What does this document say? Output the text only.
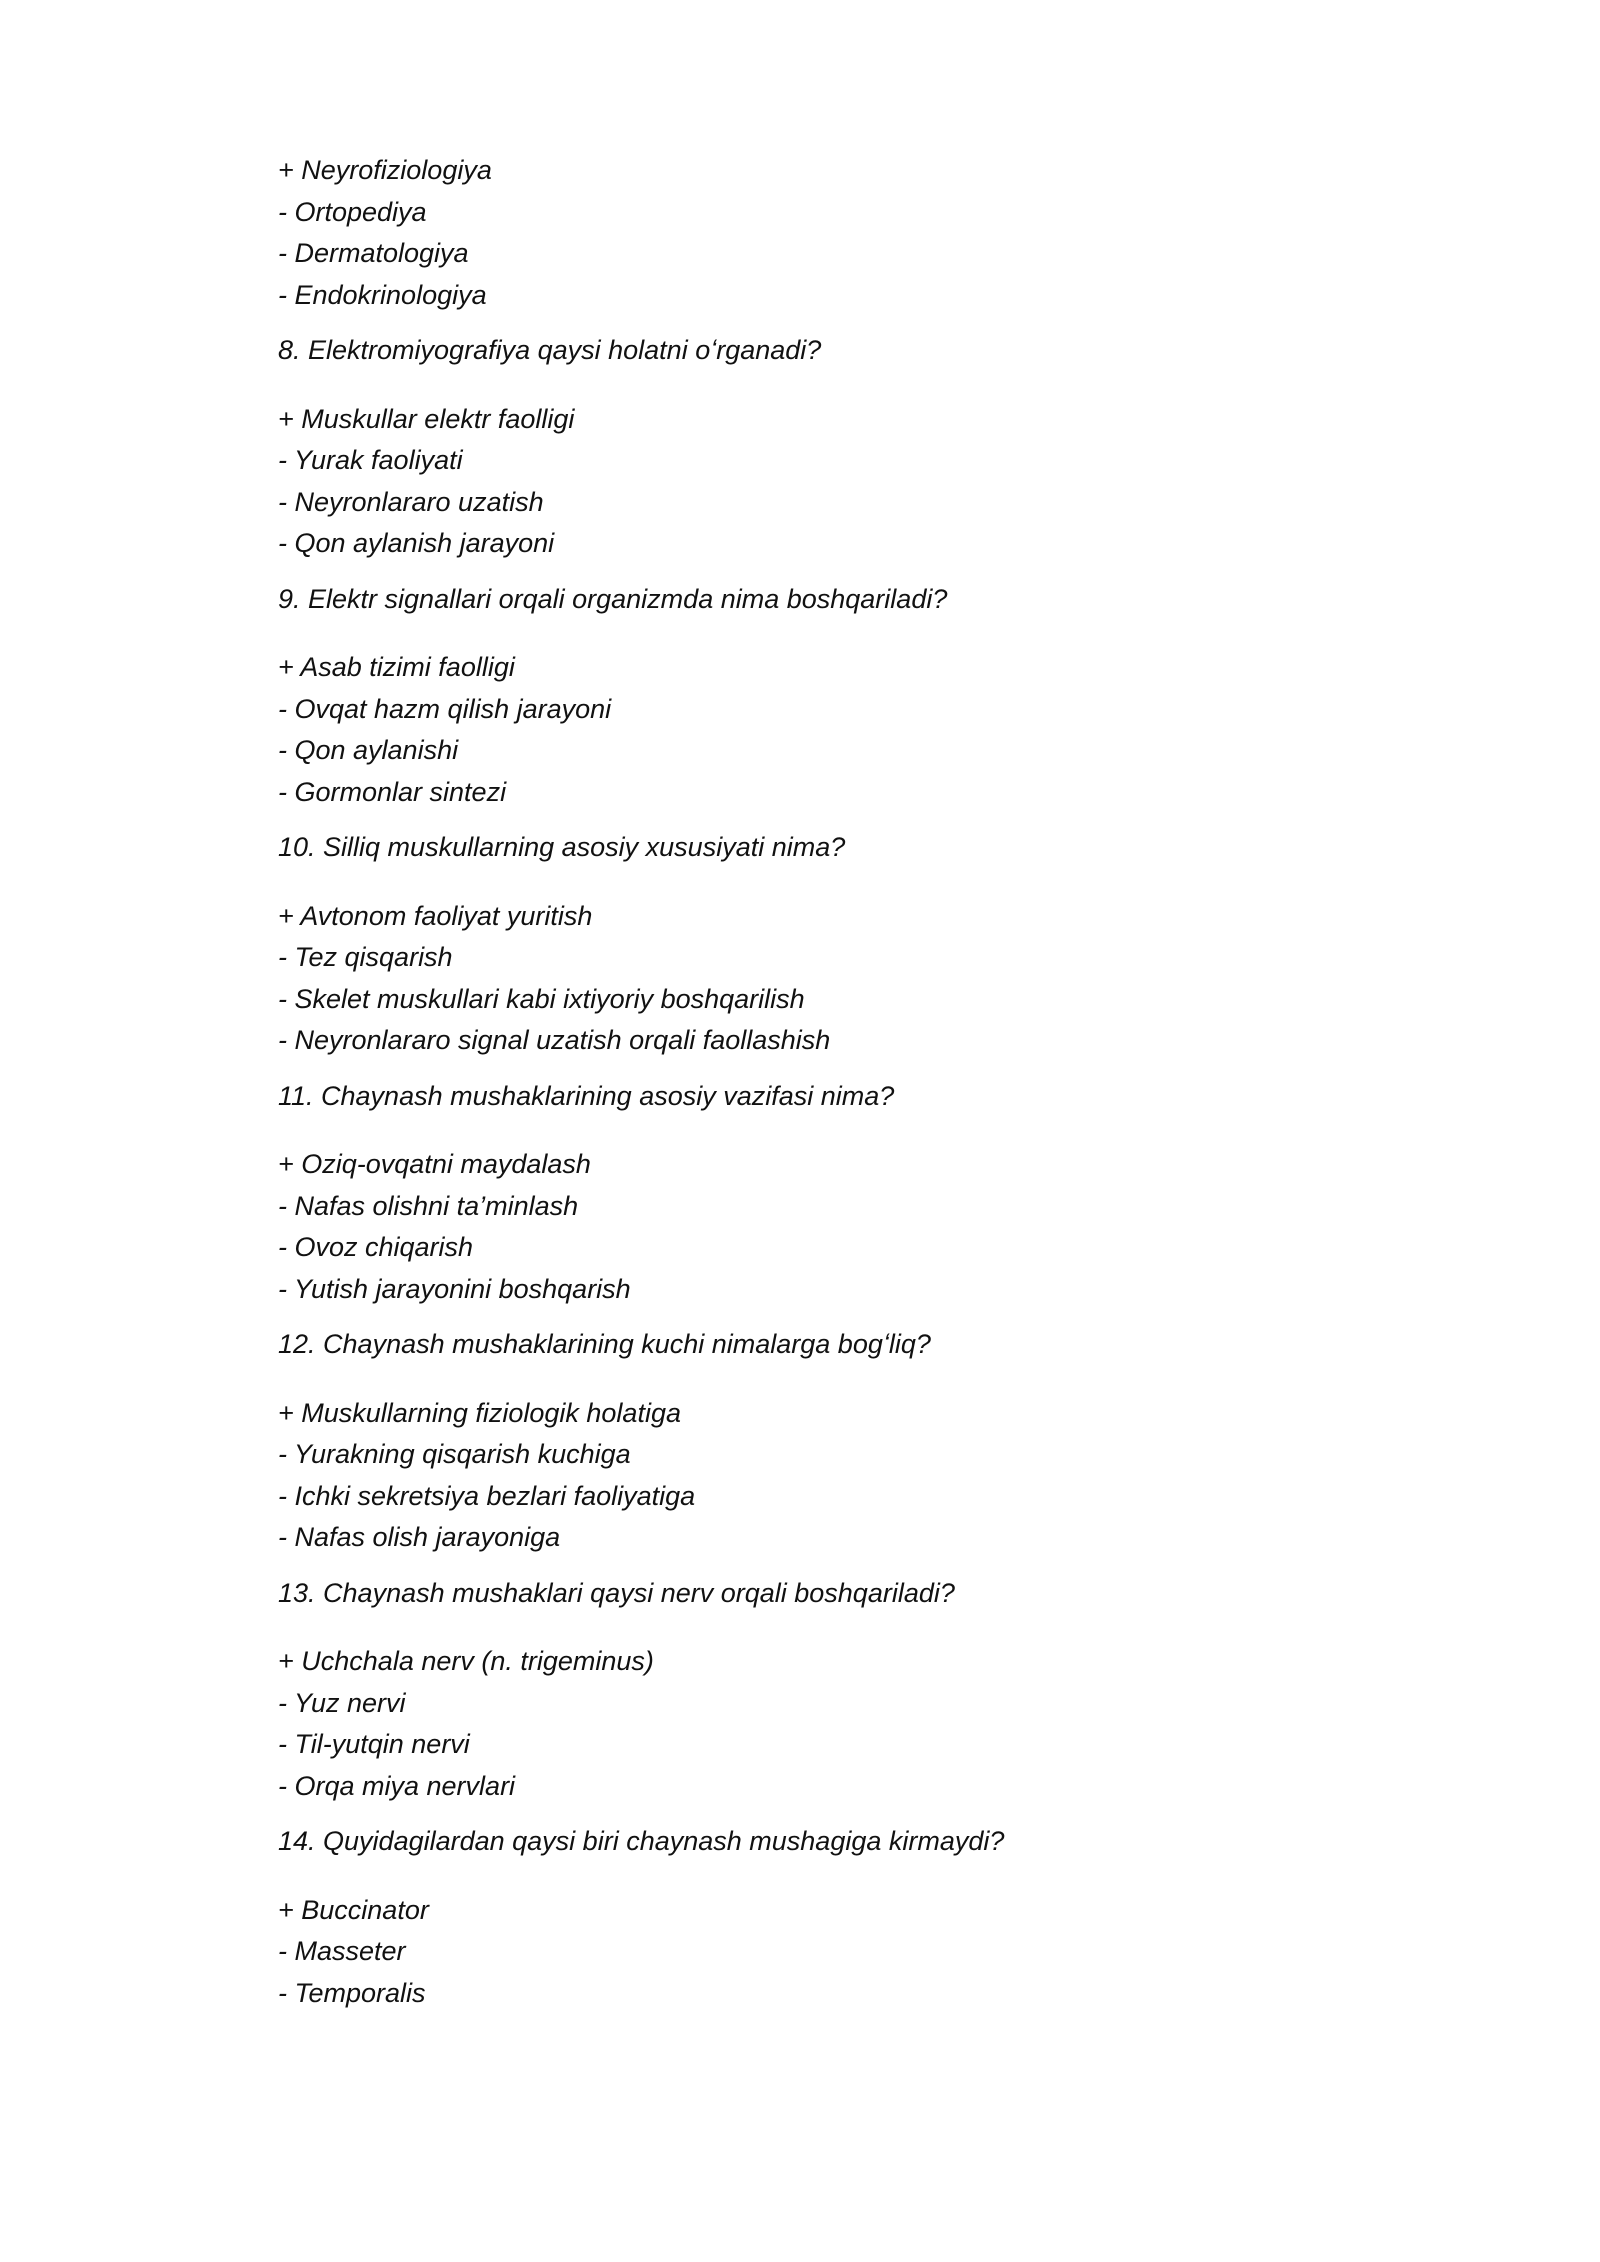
+ Neyrofiziologiya
- Ortopediya
- Dermatologiya
- Endokrinologiya
8. Elektromiyografiya qaysi holatni oʻrganadi?
+ Muskullar elektr faolligi
- Yurak faoliyati
- Neyronlararo uzatish
- Qon aylanish jarayoni
9. Elektr signallari orqali organizmda nima boshqariladi?
+ Asab tizimi faolligi
- Ovqat hazm qilish jarayoni
- Qon aylanishi
- Gormonlar sintezi
10. Silliq muskullarning asosiy xususiyati nima?
+ Avtonom faoliyat yuritish
- Tez qisqarish
- Skelet muskullari kabi ixtiyoriy boshqarilish
- Neyronlararo signal uzatish orqali faollashish
11. Chaynash mushaklarining asosiy vazifasi nima?
+ Oziq-ovqatni maydalash
- Nafas olishni ta’minlash
- Ovoz chiqarish
- Yutish jarayonini boshqarish
12. Chaynash mushaklarining kuchi nimalarga bogʻliq?
+ Muskullarning fiziologik holatiga
- Yurakning qisqarish kuchiga
- Ichki sekretsiya bezlari faoliyatiga
- Nafas olish jarayoniga
13. Chaynash mushaklari qaysi nerv orqali boshqariladi?
+ Uchchala nerv (n. trigeminus)
- Yuz nervi
- Til-yutqin nervi
- Orqa miya nervlari
14. Quyidagilardan qaysi biri chaynash mushagiga kirmaydi?
+ Buccinator
- Masseter
- Temporalis
